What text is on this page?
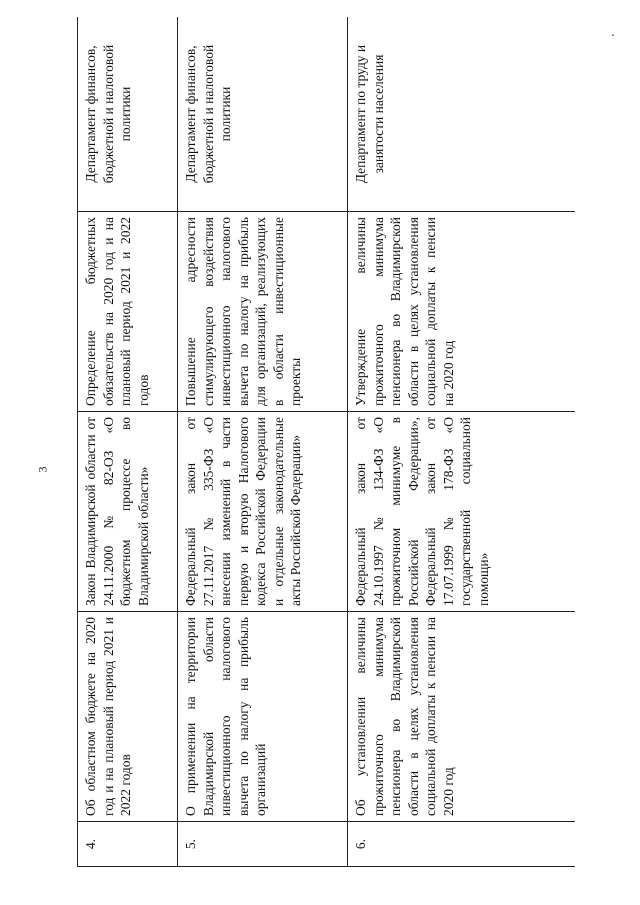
3
4.	Об областном бюджете на 2020 год и на плановый период 2021 и 2022 годов	Закон Владимирской области от 24.11.2000 № 82-ОЗ «О бюджетном процессе во Владимирской области»	Определение бюджетных обязательств на 2020 год и на плановый период 2021 и 2022 годов	Департамент финансов, бюджетной и налоговой политики
5.	О применении на территории Владимирской области инвестиционного налогового вычета по налогу на прибыль организаций	Федеральный закон от 27.11.2017 № 335-ФЗ «О внесении изменений в части первую и вторую Налогового кодекса Российской Федерации и отдельные законодательные акты Российской Федерации»	Повышение адресности стимулирующего воздействия инвестиционного налогового вычета по налогу на прибыль для организаций, реализующих в области инвестиционные проекты	Департамент финансов, бюджетной и налоговой политики
6.	Об установлении величины прожиточного минимума пенсионера во Владимирской области в целях установления социальной доплаты к пенсии на 2020 год	Федеральный закон от 24.10.1997 № 134-ФЗ «О прожиточном минимуме в Российской Федерации», Федеральный закон от 17.07.1999 № 178-ФЗ «О государственной социальной помощи»	Утверждение величины прожиточного минимума пенсионера во Владимирской области в целях установления социальной доплаты к пенсии на 2020 год	Департамент по труду и занятости населения
